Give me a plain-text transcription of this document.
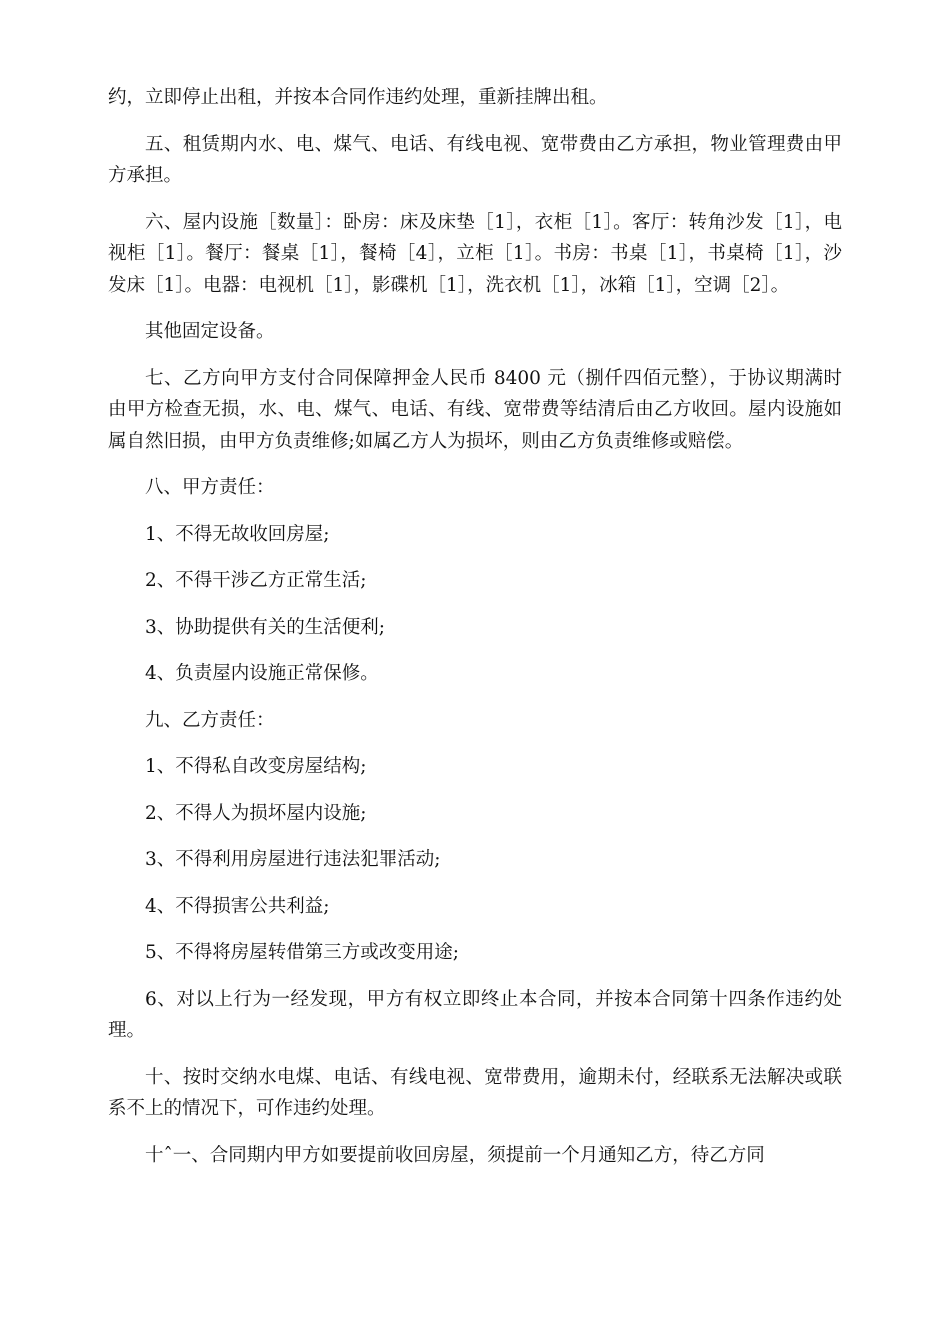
约，立即停止出租，并按本合同作违约处理，重新挂牌出租。

五、租赁期内水、电、煤气、电话、有线电视、宽带费由乙方承担，物业管理费由甲方承担。

六、屋内设施［数量］：卧房：床及床垫［1］，衣柜［1］。客厅：转角沙发［1］，电视柜［1］。餐厅：餐桌［1］，餐椅［4］，立柜［1］。书房：书桌［1］，书桌椅［1］，沙发床［1］。电器：电视机［1］，影碟机［1］，洗衣机［1］，冰箱［1］，空调［2］。

其他固定设备。

七、乙方向甲方支付合同保障押金人民币 8400 元（捌仟四佰元整），于协议期满时由甲方检查无损，水、电、煤气、电话、有线、宽带费等结清后由乙方收回。屋内设施如属自然旧损，由甲方负责维修;如属乙方人为损坏，则由乙方负责维修或赔偿。

八、甲方责任：

1、不得无故收回房屋;

2、不得干涉乙方正常生活;

3、协助提供有关的生活便利;

4、负责屋内设施正常保修。

九、乙方责任：

1、不得私自改变房屋结构;

2、不得人为损坏屋内设施;

3、不得利用房屋进行违法犯罪活动;

4、不得损害公共利益;

5、不得将房屋转借第三方或改变用途;

6、对以上行为一经发现，甲方有权立即终止本合同，并按本合同第十四条作违约处理。

十、按时交纳水电煤、电话、有线电视、宽带费用，逾期未付，经联系无法解决或联系不上的情况下，可作违约处理。

十ˆ一、合同期内甲方如要提前收回房屋，须提前一个月通知乙方，待乙方同
